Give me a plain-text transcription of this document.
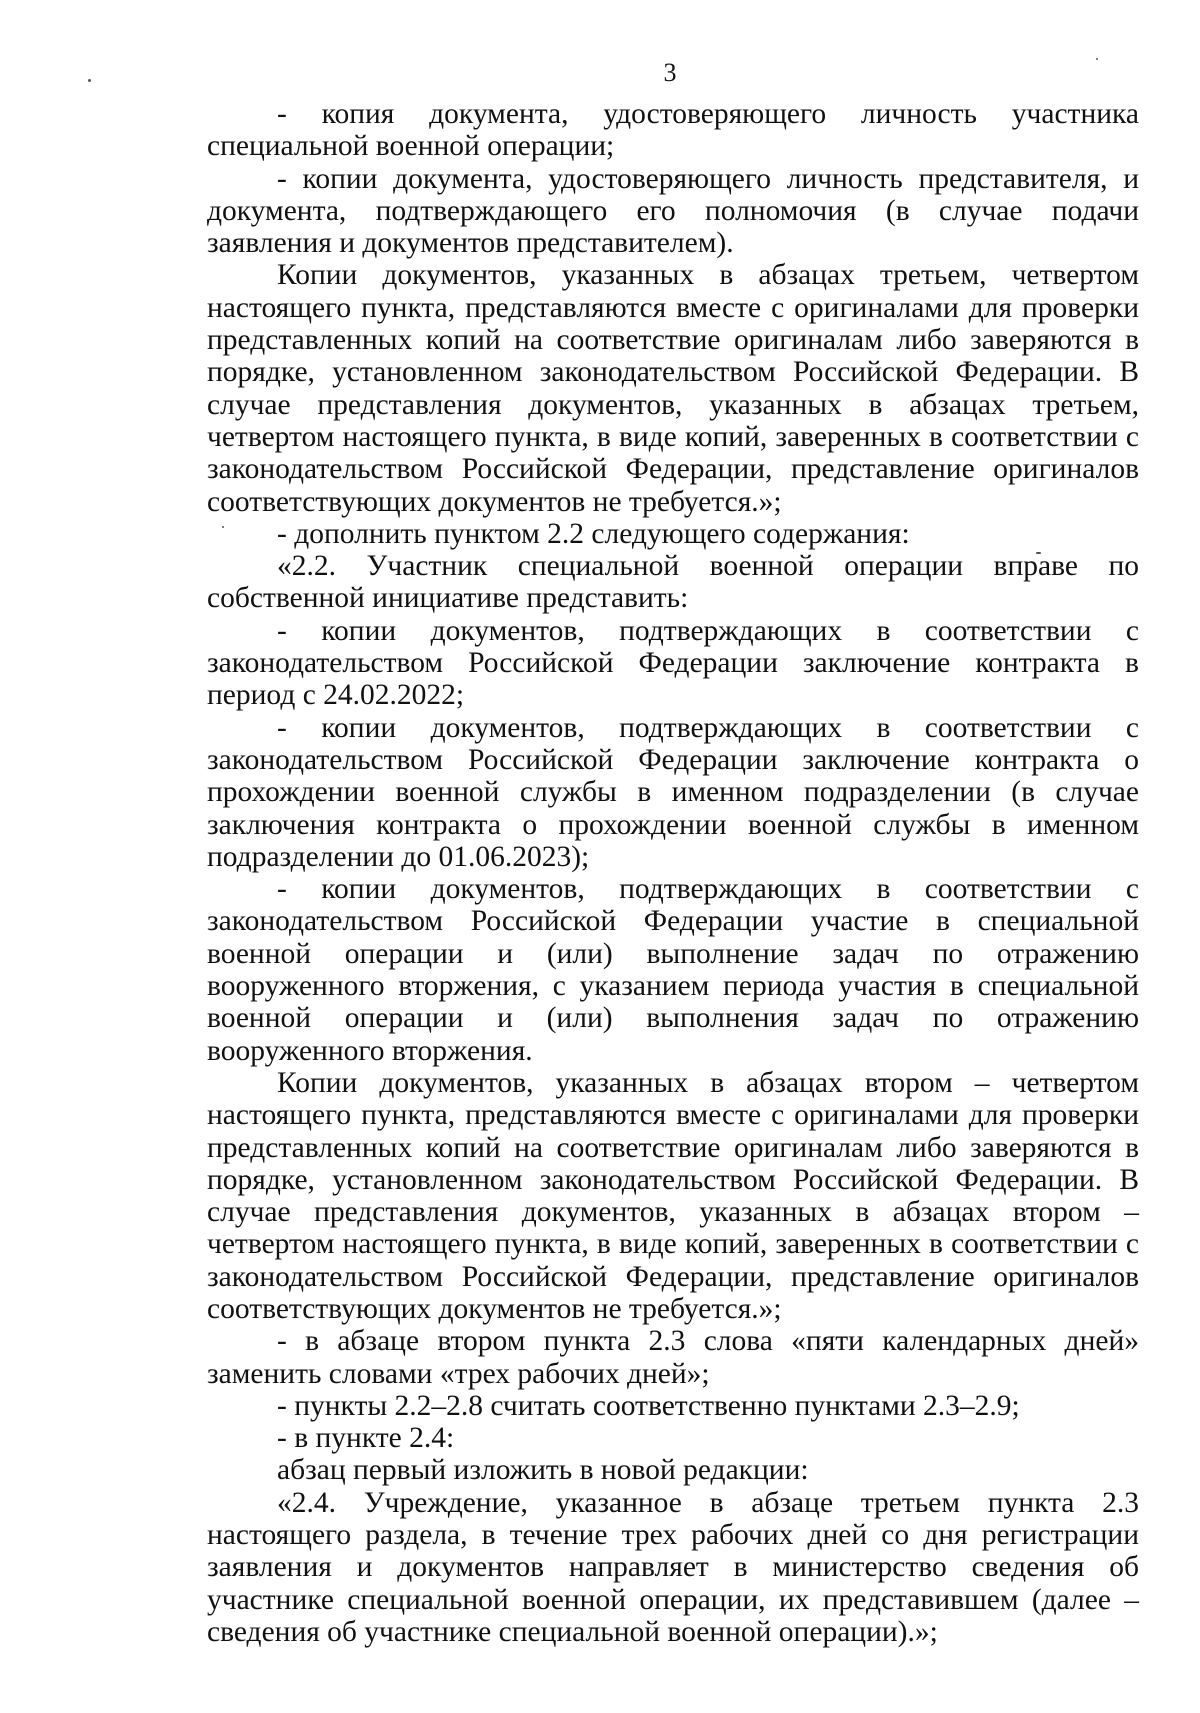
3

- копия документа, удостоверяющего личность участника специальной военной операции;

- копии документа, удостоверяющего личность представителя, и документа, подтверждающего его полномочия (в случае подачи заявления и документов представителем).

Копии документов, указанных в абзацах третьем, четвертом настоящего пункта, представляются вместе с оригиналами для проверки представленных копий на соответствие оригиналам либо заверяются в порядке, установленном законодательством Российской Федерации. В случае представления документов, указанных в абзацах третьем, четвертом настоящего пункта, в виде копий, заверенных в соответствии с законодательством Российской Федерации, представление оригиналов соответствующих документов не требуется.»;

- дополнить пунктом 2.2 следующего содержания:

«2.2. Участник специальной военной операции вправе по собственной инициативе представить:

- копии документов, подтверждающих в соответствии с законодательством Российской Федерации заключение контракта в период с 24.02.2022;

- копии документов, подтверждающих в соответствии с законодательством Российской Федерации заключение контракта о прохождении военной службы в именном подразделении (в случае заключения контракта о прохождении военной службы в именном подразделении до 01.06.2023);

- копии документов, подтверждающих в соответствии с законодательством Российской Федерации участие в специальной военной операции и (или) выполнение задач по отражению вооруженного вторжения, с указанием периода участия в специальной военной операции и (или) выполнения задач по отражению вооруженного вторжения.

Копии документов, указанных в абзацах втором – четвертом настоящего пункта, представляются вместе с оригиналами для проверки представленных копий на соответствие оригиналам либо заверяются в порядке, установленном законодательством Российской Федерации. В случае представления документов, указанных в абзацах втором – четвертом настоящего пункта, в виде копий, заверенных в соответствии с законодательством Российской Федерации, представление оригиналов соответствующих документов не требуется.»;

- в абзаце втором пункта 2.3 слова «пяти календарных дней» заменить словами «трех рабочих дней»;

- пункты 2.2–2.8 считать соответственно пунктами 2.3–2.9;

- в пункте 2.4:

абзац первый изложить в новой редакции:

«2.4. Учреждение, указанное в абзаце третьем пункта 2.3 настоящего раздела, в течение трех рабочих дней со дня регистрации заявления и документов направляет в министерство сведения об участнике специальной военной операции, их представившем (далее – сведения об участнике специальной военной операции).»;
